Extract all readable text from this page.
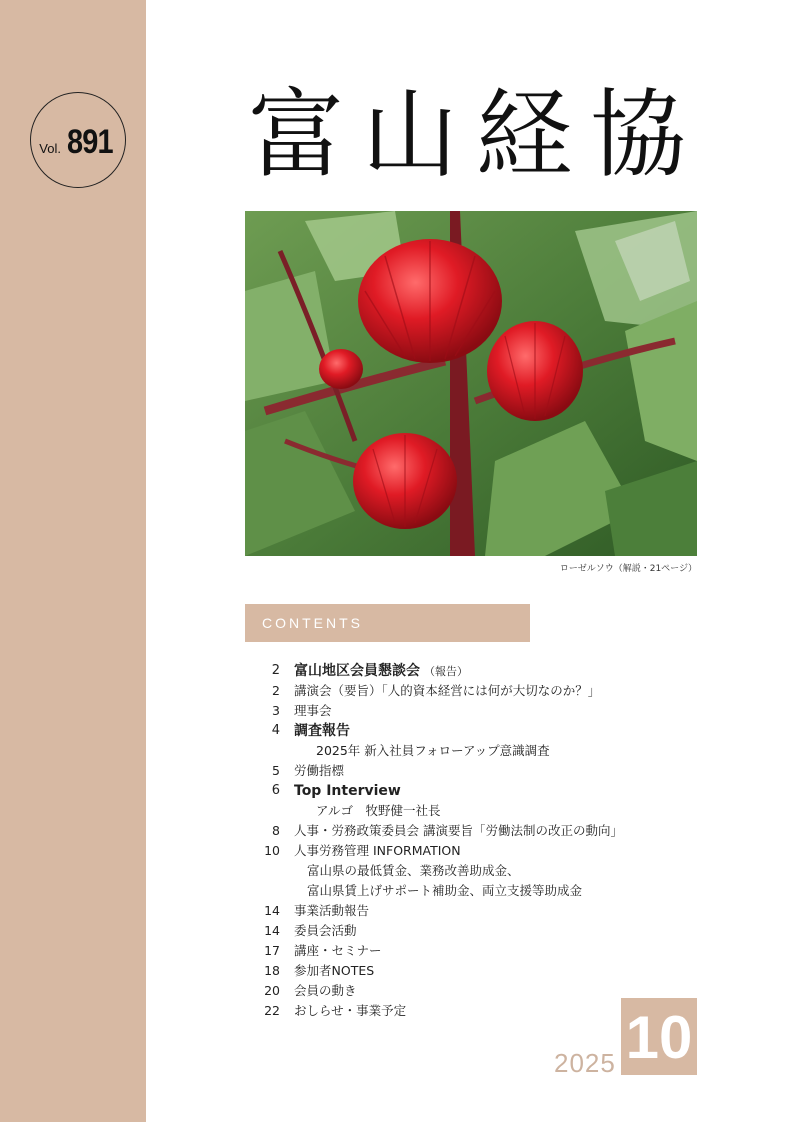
Vol. 891 富山経協
ローゼルソウ（解説・21ページ）
CONTENTS
2 富山地区会員懇談会 （報告）
2 講演会（要旨）「人的資本経営には何が大切なのか？」
3 理事会
4 調査報告
2025年 新入社員フォローアップ意識調査
5 労働指標
6 Top Interview
アルゴ　牧野健一社長
8 人事・労務政策委員会 講演要旨「労働法制の改正の動向」
10 人事労務管理 INFORMATION
富山県の最低賃金、業務改善助成金、
富山県賃上げサポート補助金、両立支援等助成金
14 事業活動報告
14 委員会活動
17 講座・セミナー
18 参加者NOTES
20 会員の動き
22 おしらせ・事業予定
2025 10
